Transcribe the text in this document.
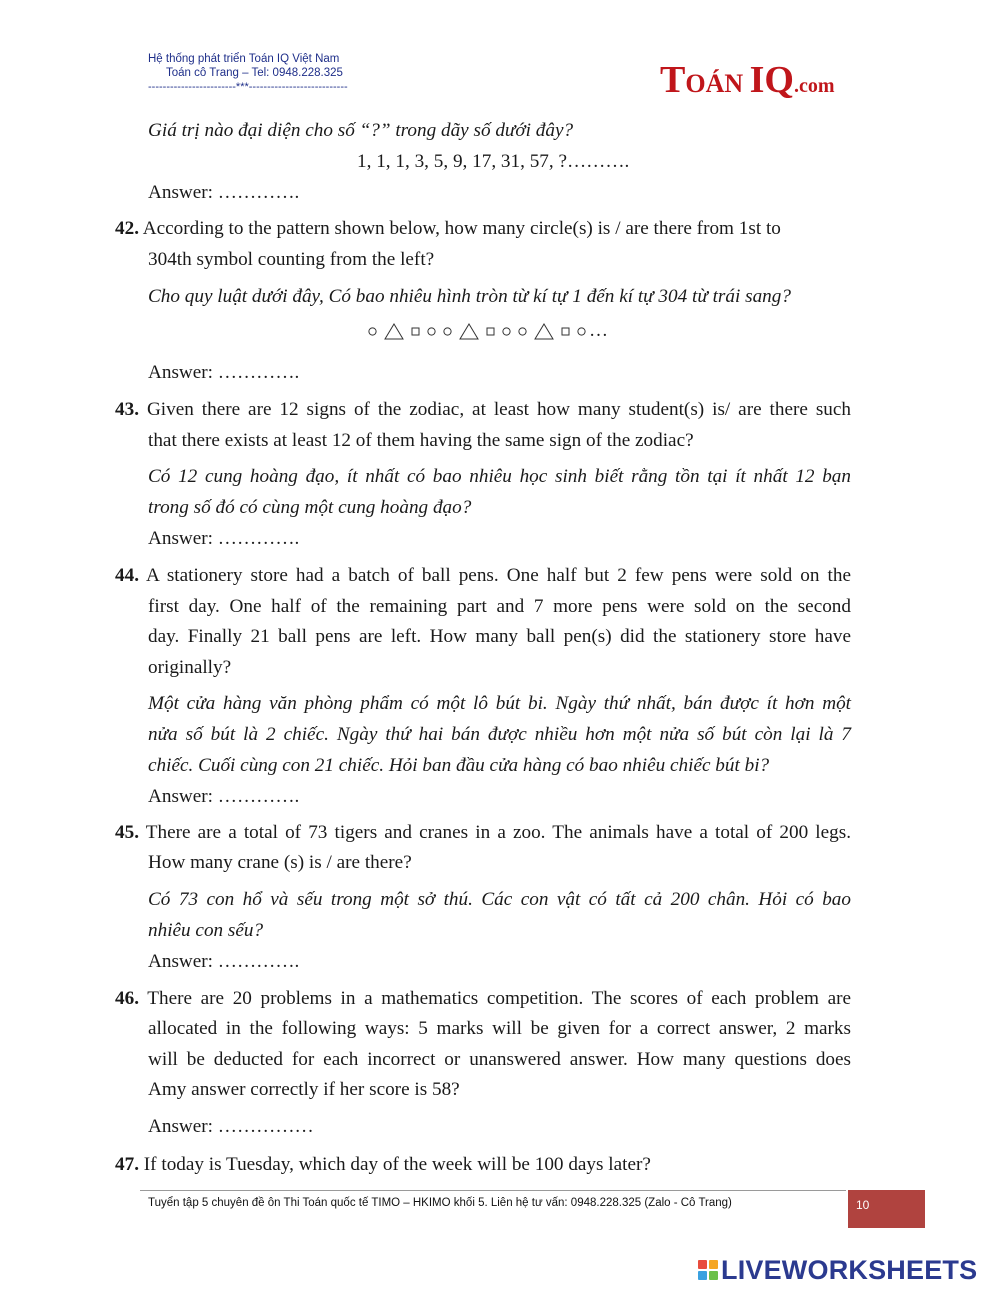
Hệ thống phát triển Toán IQ Việt Nam
Toán cô Trang – Tel: 0948.228.325
------------------------***---------------------------	TOÁN IQ.com
Giá trị nào đại diện cho số “?” trong dãy số dưới đây?
1, 1, 1, 3, 5, 9, 17, 31, 57, ?……….
Answer: ………….
42. According to the pattern shown below, how many circle(s) is / are there from 1st to
304th symbol counting from the left?
Cho quy luật dưới đây, Có bao nhiêu hình tròn từ kí tự 1 đến kí tự 304 từ trái sang?
…
Answer: ………….
43. Given there are 12 signs of the zodiac, at least how many student(s) is/ are there such
that there exists at least 12 of them having the same sign of the zodiac?
Có 12 cung hoàng đạo, ít nhất có bao nhiêu học sinh biết rằng tồn tại ít nhất 12 bạn
trong số đó có cùng một cung hoàng đạo?
Answer: ………….
44. A stationery store had a batch of ball pens. One half but 2 few pens were sold on the
first day. One half of the remaining part and 7 more pens were sold on the second
day. Finally 21 ball pens are left. How many ball pen(s) did the stationery store have
originally?
Một cửa hàng văn phòng phẩm có một lô bút bi. Ngày thứ nhất, bán được ít hơn một
nửa số bút là 2 chiếc. Ngày thứ hai bán được nhiều hơn một nửa số bút còn lại là 7
chiếc. Cuối cùng con 21 chiếc. Hỏi ban đầu cửa hàng có bao nhiêu chiếc bút bi?
Answer: ………….
45. There are a total of 73 tigers and cranes in a zoo. The animals have a total of 200 legs.
How many crane (s) is / are there?
Có 73 con hổ và sếu trong một sở thú. Các con vật có tất cả 200 chân. Hỏi có bao
nhiêu con sếu?
Answer: ………….
46. There are 20 problems in a mathematics competition. The scores of each problem are
allocated in the following ways: 5 marks will be given for a correct answer, 2 marks
will be deducted for each incorrect or unanswered answer. How many questions does
Amy answer correctly if her score is 58?
Answer: ……………
47. If today is Tuesday, which day of the week will be 100 days later?
Tuyển tập 5 chuyên đề ôn Thi Toán quốc tế TIMO – HKIMO khối 5. Liên hệ tư vấn: 0948.228.325 (Zalo - Cô Trang)	10
LIVEWORKSHEETS
